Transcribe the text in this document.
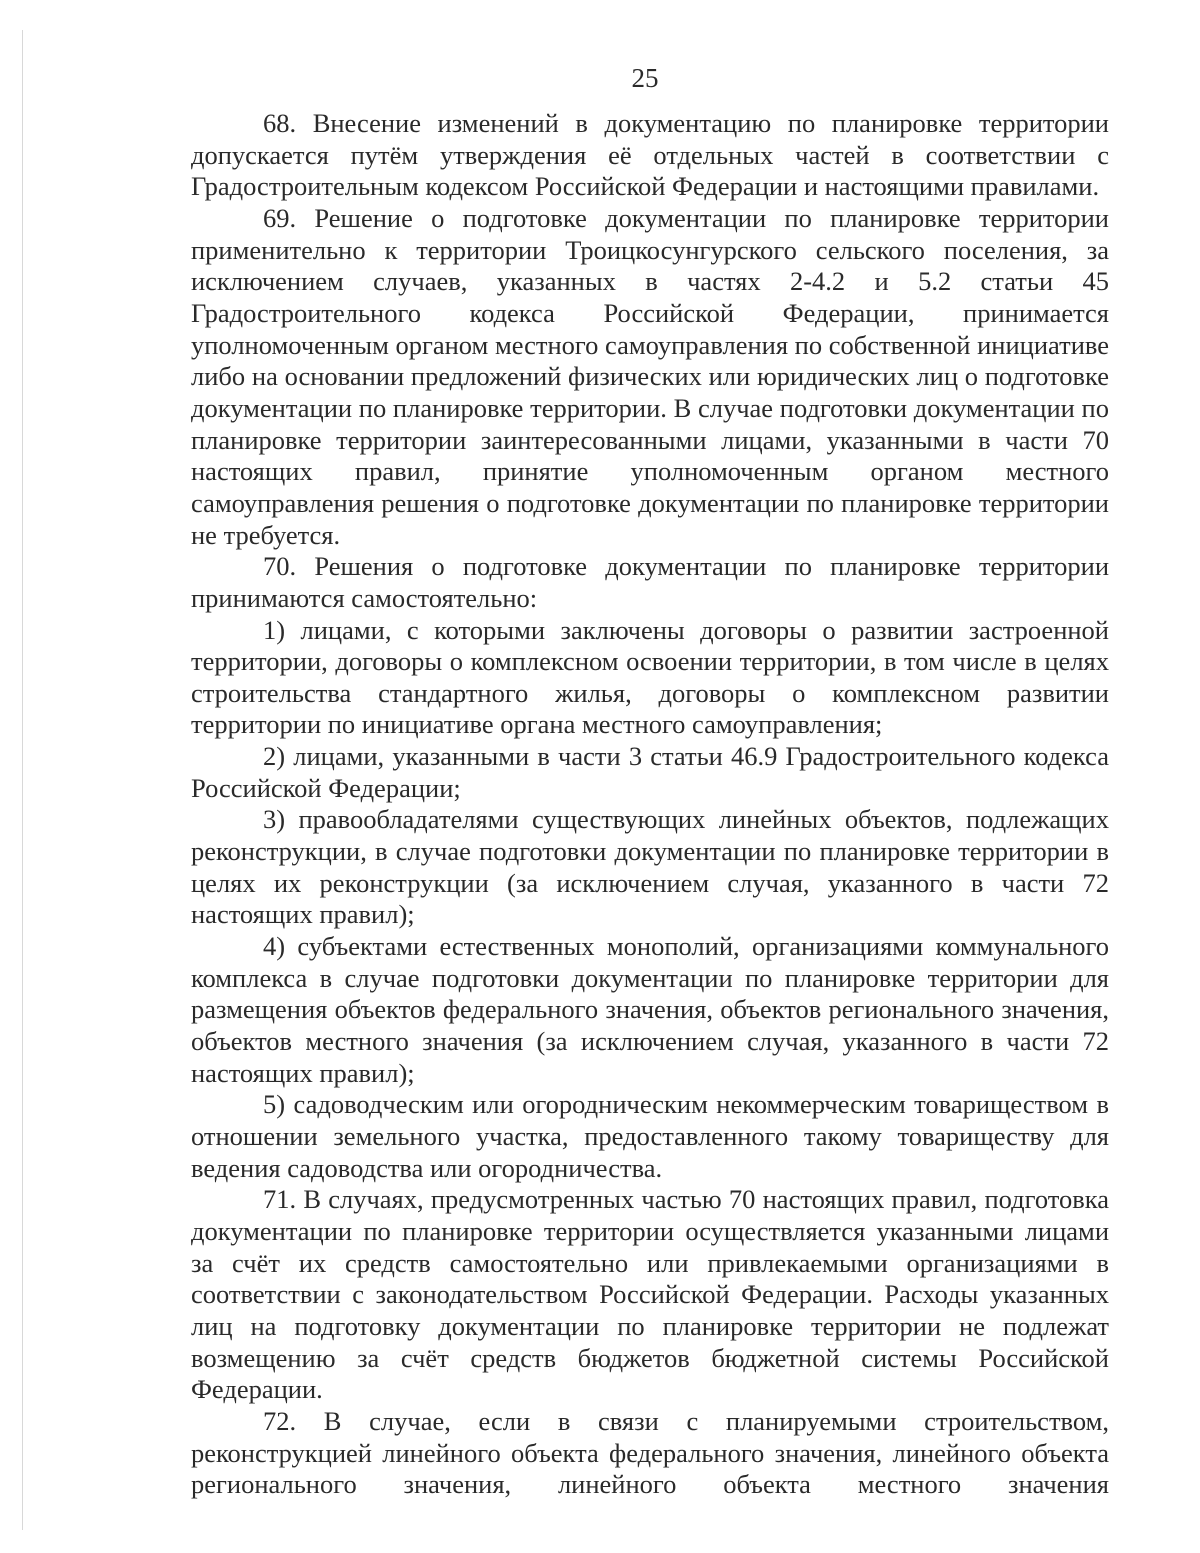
25

68. Внесение изменений в документацию по планировке территории допускается путём утверждения её отдельных частей в соответствии с Градостроительным кодексом Российской Федерации и настоящими правилами.

69. Решение о подготовке документации по планировке территории применительно к территории Троицкосунгурского сельского поселения, за исключением случаев, указанных в частях 2-4.2 и 5.2 статьи 45 Градостроительного кодекса Российской Федерации, принимается уполномоченным органом местного самоуправления по собственной инициативе либо на основании предложений физических или юридических лиц о подготовке документации по планировке территории. В случае подготовки документации по планировке территории заинтересованными лицами, указанными в части 70 настоящих правил, принятие уполномоченным органом местного самоуправления решения о подготовке документации по планировке территории не требуется.

70. Решения о подготовке документации по планировке территории принимаются самостоятельно:

1) лицами, с которыми заключены договоры о развитии застроенной территории, договоры о комплексном освоении территории, в том числе в целях строительства стандартного жилья, договоры о комплексном развитии территории по инициативе органа местного самоуправления;

2) лицами, указанными в части 3 статьи 46.9 Градостроительного кодекса Российской Федерации;

3) правообладателями существующих линейных объектов, подлежащих реконструкции, в случае подготовки документации по планировке территории в целях их реконструкции (за исключением случая, указанного в части 72 настоящих правил);

4) субъектами естественных монополий, организациями коммунального комплекса в случае подготовки документации по планировке территории для размещения объектов федерального значения, объектов регионального значения, объектов местного значения (за исключением случая, указанного в части 72 настоящих правил);

5) садоводческим или огородническим некоммерческим товариществом в отношении земельного участка, предоставленного такому товариществу для ведения садоводства или огородничества.

71. В случаях, предусмотренных частью 70 настоящих правил, подготовка документации по планировке территории осуществляется указанными лицами за счёт их средств самостоятельно или привлекаемыми организациями в соответствии с законодательством Российской Федерации. Расходы указанных лиц на подготовку документации по планировке территории не подлежат возмещению за счёт средств бюджетов бюджетной системы Российской Федерации.

72. В случае, если в связи с планируемыми строительством, реконструкцией линейного объекта федерального значения, линейного объекта регионального значения, линейного объекта местного значения
